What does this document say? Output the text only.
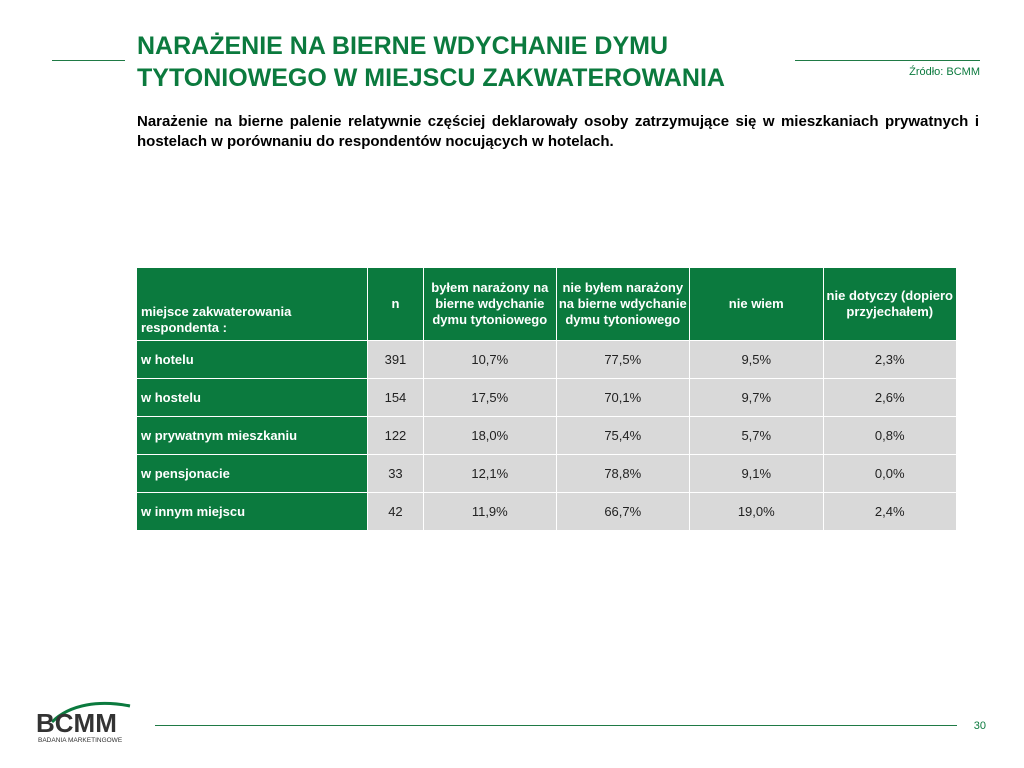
NARAŻENIE NA BIERNE WDYCHANIE DYMU TYTONIOWEGO W MIEJSCU ZAKWATEROWANIA	Źródło: BCMM

Narażenie na bierne palenie relatywnie częściej deklarowały osoby zatrzymujące się w mieszkaniach prywatnych i hostelach w porównaniu do respondentów nocujących w hotelach.

miejsce zakwaterowania respondenta :	n	byłem narażony na bierne wdychanie dymu tytoniowego	nie byłem narażony na bierne wdychanie dymu tytoniowego	nie wiem	nie dotyczy (dopiero przyjechałem)
w hotelu	391	10,7%	77,5%	9,5%	2,3%
w hostelu	154	17,5%	70,1%	9,7%	2,6%
w prywatnym mieszkaniu	122	18,0%	75,4%	5,7%	0,8%
w pensjonacie	33	12,1%	78,8%	9,1%	0,0%
w innym miejscu	42	11,9%	66,7%	19,0%	2,4%
BCMM
BADANIA MARKETINGOWE
30
